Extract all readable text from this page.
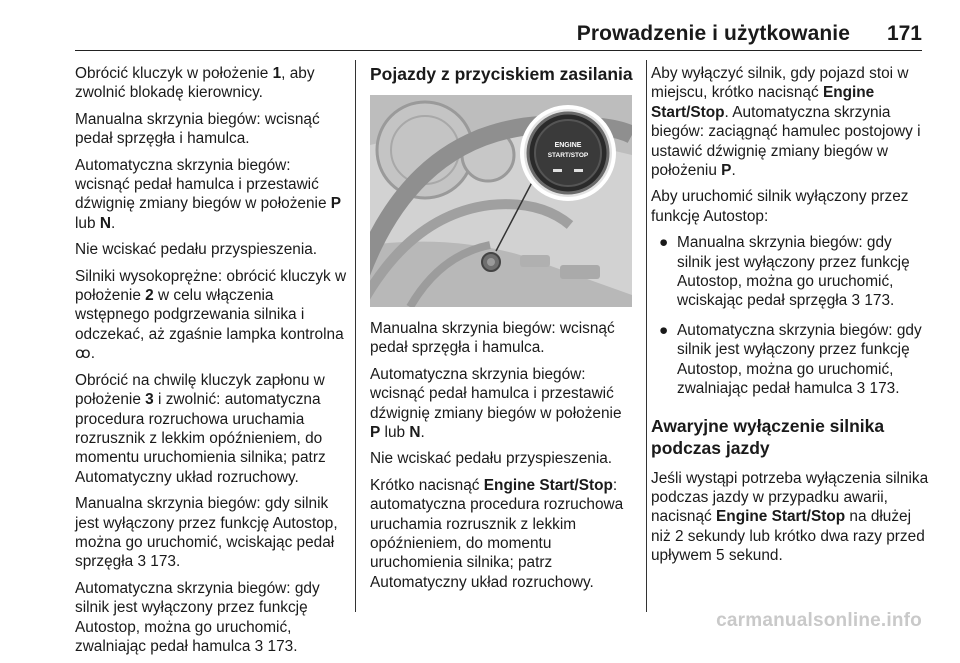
Prowadzenie i użytkowanie 171

Obrócić kluczyk w położenie 1, aby zwolnić blokadę kierownicy.

Manualna skrzynia biegów: wcisnąć pedał sprzęgła i hamulca.

Automatyczna skrzynia biegów: wcisnąć pedał hamulca i przestawić dźwignię zmiany biegów w położenie P lub N.

Nie wciskać pedału przyspieszenia.

Silniki wysokoprężne: obrócić kluczyk w położenie 2 w celu włączenia wstępnego podgrzewania silnika i odczekać, aż zgaśnie lampka kontrolna ꝏ.

Obrócić na chwilę kluczyk zapłonu w położenie 3 i zwolnić: automatyczna procedura rozruchowa uruchamia rozrusznik z lekkim opóźnieniem, do momentu uruchomienia silnika; patrz Automatyczny układ rozruchowy.

Manualna skrzynia biegów: gdy silnik jest wyłączony przez funkcję Autostop, można go uruchomić, wciskając pedał sprzęgła 3 173.

Automatyczna skrzynia biegów: gdy silnik jest wyłączony przez funkcję Autostop, można go uruchomić, zwalniając pedał hamulca 3 173.

Pojazdy z przyciskiem zasilania
ENGINE
START/STOP

Manualna skrzynia biegów: wcisnąć pedał sprzęgła i hamulca.

Automatyczna skrzynia biegów: wcisnąć pedał hamulca i przestawić dźwignię zmiany biegów w położenie P lub N.

Nie wciskać pedału przyspieszenia.

Krótko nacisnąć Engine Start/Stop: automatyczna procedura rozruchowa uruchamia rozrusznik z lekkim opóźnieniem, do momentu uruchomienia silnika; patrz Automatyczny układ rozruchowy.

Aby wyłączyć silnik, gdy pojazd stoi w miejscu, krótko nacisnąć Engine Start/Stop. Automatyczna skrzynia biegów: zaciągnąć hamulec postojowy i ustawić dźwignię zmiany biegów w położeniu P.

Aby uruchomić silnik wyłączony przez funkcję Autostop:

● Manualna skrzynia biegów: gdy silnik jest wyłączony przez funkcję Autostop, można go uruchomić, wciskając pedał sprzęgła 3 173.
● Automatyczna skrzynia biegów: gdy silnik jest wyłączony przez funkcję Autostop, można go uruchomić, zwalniając pedał hamulca 3 173.
Awaryjne wyłączenie silnika podczas jazdy

Jeśli wystąpi potrzeba wyłączenia silnika podczas jazdy w przypadku awarii, nacisnąć Engine Start/Stop na dłużej niż 2 sekundy lub krótko dwa razy przed upływem 5 sekund.

carmanualsonline.info
